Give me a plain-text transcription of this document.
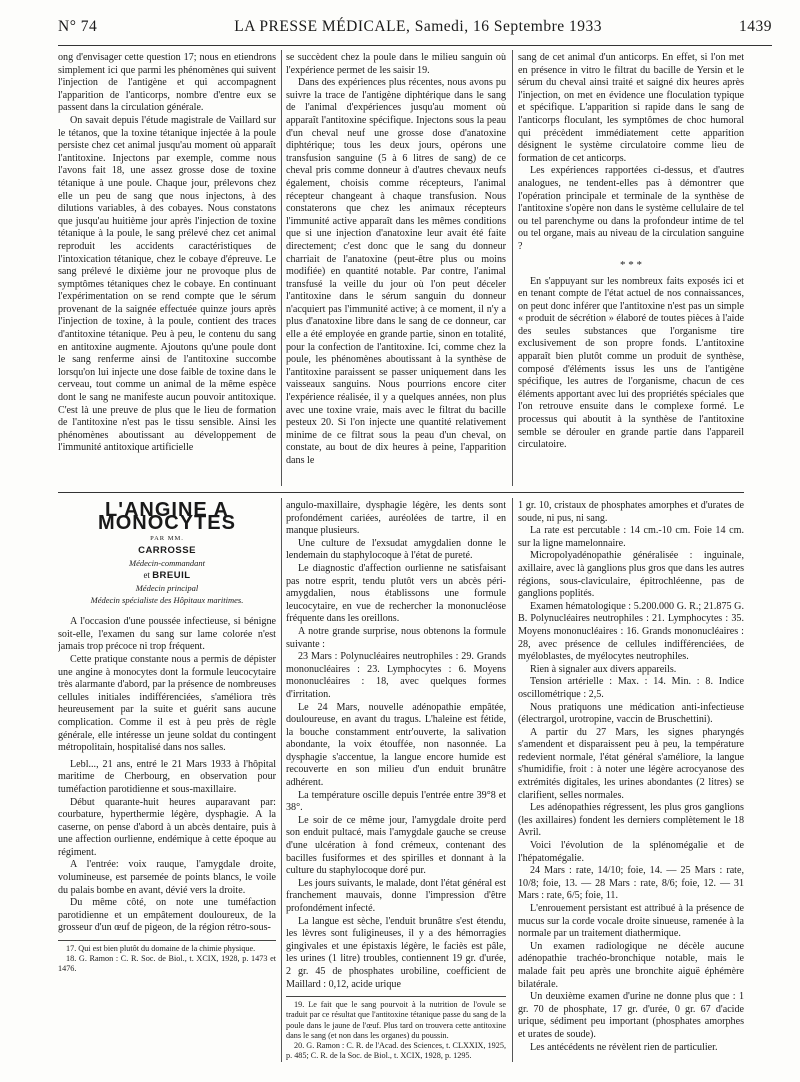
N° 74	LA PRESSE MÉDICALE, Samedi, 16 Septembre 1933	1439

ong d'envisager cette question 17; nous en etiendrons simplement ici que parmi les phénomènes qui suivent l'injection de l'antigène et qui accompagnent l'apparition de l'anticorps, nombre d'entre eux se passent dans la circulation générale.

On savait depuis l'étude magistrale de Vaillard sur le tétanos, que la toxine tétanique injectée à la poule persiste chez cet animal jusqu'au moment où apparaît l'antitoxine. Injectons par exemple, comme nous l'avons fait 18, une assez grosse dose de toxine tétanique à une poule. Chaque jour, prélevons chez elle un peu de sang que nous injectons, à des dilutions variables, à des cobayes. Nous constatons que jusqu'au huitième jour après l'injection de toxine tétanique à la poule, le sang prélevé chez cet animal reproduit les accidents caractéristiques de l'intoxication tétanique, chez le cobaye d'épreuve. Le sang prélevé le dixième jour ne provoque plus de symptômes tétaniques chez le cobaye. En continuant l'expérimentation on se rend compte que le sérum provenant de la saignée effectuée quinze jours après l'injection de toxine, à la poule, contient des traces d'antitoxine tétanique. Peu à peu, le contenu du sang en antitoxine augmente. Ajoutons qu'une poule dont le sang renferme ainsi de l'antitoxine succombe lorsqu'on lui injecte une dose faible de toxine dans le cerveau, tout comme un animal de la même espèce dont le sang ne manifeste aucun pouvoir antitoxique. C'est là une preuve de plus que le lieu de formation de l'antitoxine n'est pas le tissu sensible. Ainsi les phénomènes aboutissant au développement de l'immunité antitoxique artificielle

se succèdent chez la poule dans le milieu sanguin où l'expérience permet de les saisir 19.

Dans des expériences plus récentes, nous avons pu suivre la trace de l'antigène diphtérique dans le sang de l'animal d'expériences jusqu'au moment où apparaît l'antitoxine spécifique. Injectons sous la peau d'un cheval neuf une grosse dose d'anatoxine diphtérique; tous les deux jours, opérons une transfusion sanguine (5 à 6 litres de sang) de ce cheval pris comme donneur à d'autres chevaux neufs également, choisis comme récepteurs, l'animal récepteur changeant à chaque transfusion. Nous constaterons que chez les animaux récepteurs l'immunité active apparaît dans les mêmes conditions que si une injection d'anatoxine leur avait été faite directement; c'est donc que le sang du donneur charriait de l'anatoxine (peut-être plus ou moins modifiée) en quantité notable. Par contre, l'animal transfusé la veille du jour où l'on peut déceler l'antitoxine dans le sérum sanguin du donneur n'acquiert pas l'immunité active; à ce moment, il n'y a plus d'anatoxine libre dans le sang de ce donneur, car elle a été employée en grande partie, sinon en totalité, pour la confection de l'antitoxine. Ici, comme chez la poule, les phénomènes aboutissant à la synthèse de l'antitoxine paraissent se passer uniquement dans les vaisseaux sanguins. Nous pourrions encore citer l'expérience réalisée, il y a quelques années, non plus avec une toxine vraie, mais avec le filtrat du bacille pesteux 20. Si l'on injecte une quantité relativement minime de ce filtrat sous la peau d'un cheval, on constate, au bout de dix heures à peine, l'apparition dans le

sang de cet animal d'un anticorps. En effet, si l'on met en présence in vitro le filtrat du bacille de Yersin et le sérum du cheval ainsi traité et saigné dix heures après l'injection, on met en évidence une floculation typique et spécifique. L'apparition si rapide dans le sang de l'anticorps floculant, les symptômes de choc humoral qui précèdent immédiatement cette apparition désignent le système circulatoire comme lieu de formation de cet anticorps.

Les expériences rapportées ci-dessus, et d'autres analogues, ne tendent-elles pas à démontrer que l'opération principale et terminale de la synthèse de l'antitoxine s'opère non dans le système cellulaire de tel ou tel parenchyme ou dans la profondeur intime de tel ou tel organe, mais au niveau de la circulation sanguine ?

* * *

En s'appuyant sur les nombreux faits exposés ici et en tenant compte de l'état actuel de nos connaissances, on peut donc inférer que l'antitoxine n'est pas un simple « produit de sécrétion » élaboré de toutes pièces à l'aide des seules substances que l'organisme tire exclusivement de son propre fonds. L'antitoxine apparaît bien plutôt comme un produit de synthèse, composé d'éléments issus les uns de l'antigène spécifique, les autres de l'organisme, chacun de ces éléments apportant avec lui des propriétés spéciales que l'on retrouve ensuite dans le complexe formé. Le processus qui aboutit à la synthèse de l'antitoxine semble se dérouler en grande partie dans l'appareil circulatoire.

L'ANGINE A MONOCYTES
PAR MM.
CARROSSE
Médecin-commandant
et BREUIL
Médecin principal
Médecin spécialiste des Hôpitaux maritimes.

A l'occasion d'une poussée infectieuse, si bénigne soit-elle, l'examen du sang sur lame colorée n'est jamais trop précoce ni trop fréquent.

Cette pratique constante nous a permis de dépister une angine à monocytes dont la formule leucocytaire très alarmante d'abord, par la présence de nombreuses cellules initiales indifférenciées, s'améliora très heureusement par la suite et guérit sans aucune complication. Comme il est à peu près de règle générale, elle intéresse un jeune soldat du contingent métropolitain, hospitalisé dans nos salles.

Lebl..., 21 ans, entré le 21 Mars 1933 à l'hôpital maritime de Cherbourg, en observation pour tuméfaction parotidienne et sous-maxillaire.

Début quarante-huit heures auparavant par: courbature, hyperthermie légère, dysphagie. A la caserne, on pense d'abord à un abcès dentaire, puis à une affection ourlienne, endémique à cette époque au régiment.

A l'entrée: voix rauque, l'amygdale droite, volumineuse, est parsemée de points blancs, le voile du palais bombe en avant, dévié vers la droite.

Du même côté, on note une tuméfaction parotidienne et un empâtement douloureux, de la grosseur d'un œuf de pigeon, de la région rétro-sous-

17. Qui est bien plutôt du domaine de la chimie physique.

18. G. Ramon : C. R. Soc. de Biol., t. XCIX, 1928, p. 1473 et 1476.

angulo-maxillaire, dysphagie légère, les dents sont profondément cariées, auréolées de tartre, il en manque plusieurs.

Une culture de l'exsudat amygdalien donne le lendemain du staphylocoque à l'état de pureté.

Le diagnostic d'affection ourlienne ne satisfaisant pas notre esprit, tendu plutôt vers un abcès péri-amygdalien, nous établissons une formule leucocytaire, en vue de rechercher la mononucléose fréquente dans les oreillons.

A notre grande surprise, nous obtenons la formule suivante :

23 Mars : Polynucléaires neutrophiles : 29. Grands mononucléaires : 23. Lymphocytes : 6. Moyens mononucléaires : 18, avec quelques formes d'irritation.

Le 24 Mars, nouvelle adénopathie empâtée, douloureuse, en avant du tragus. L'haleine est fétide, la bouche constamment entr'ouverte, la salivation abondante, la voix étouffée, non nasonnée. La dysphagie s'accentue, la langue encore humide est recouverte en son milieu d'un enduit brunâtre adhérent.

La température oscille depuis l'entrée entre 39°8 et 38°.

Le soir de ce même jour, l'amygdale droite perd son enduit pultacé, mais l'amygdale gauche se creuse d'une ulcération à fond crémeux, contenant des bacilles fusiformes et des spirilles et donnant à la culture du staphylocoque doré pur.

Les jours suivants, le malade, dont l'état général est franchement mauvais, donne l'impression d'être profondément infecté.

La langue est sèche, l'enduit brunâtre s'est étendu, les lèvres sont fuligineuses, il y a des hémorragies gingivales et une épistaxis légère, le faciès est pâle, les urines (1 litre) troubles, contiennent 19 gr. d'urée, 2 gr. 45 de phosphates urobiline, coefficient de Maillard : 0,12, acide urique

19. Le fait que le sang pourvoit à la nutrition de l'ovule se traduit par ce résultat que l'antitoxine tétanique passe du sang de la poule dans le jaune de l'œuf. Plus tard on trouvera cette antitoxine dans le sang (et non dans les organes) du poussin.

20. G. Ramon : C. R. de l'Acad. des Sciences, t. CLXXIX, 1925, p. 485; C. R. de la Soc. de Biol., t. XCIX, 1928, p. 1295.

1 gr. 10, cristaux de phosphates amorphes et d'urates de soude, ni pus, ni sang.

La rate est percutable : 14 cm.-10 cm. Foie 14 cm. sur la ligne mamelonnaire.

Micropolyadénopathie généralisée : inguinale, axillaire, avec là ganglions plus gros que dans les autres régions, sous-claviculaire, épitrochléenne, pas de ganglions poplités.

Examen hématologique : 5.200.000 G. R.; 21.875 G. B. Polynucléaires neutrophiles : 21. Lymphocytes : 35. Moyens mononucléaires : 16. Grands mononucléaires : 28, avec présence de cellules indifférenciées, de myéloblastes, de myélocytes neutrophiles.

Rien à signaler aux divers appareils.

Tension artérielle : Max. : 14. Min. : 8. Indice oscillométrique : 2,5.

Nous pratiquons une médication anti-infectieuse (électrargol, urotropine, vaccin de Bruschettini).

A partir du 27 Mars, les signes pharyngés s'amendent et disparaissent peu à peu, la température redevient normale, l'état général s'améliore, la langue s'humidifie, froit : à noter une légère acrocyanose des extrémités digitales, les urines abondantes (2 litres) se clarifient, selles normales.

Les adénopathies régressent, les plus gros ganglions (les axillaires) fondent les derniers complètement le 18 Avril.

Voici l'évolution de la splénomégalie et de l'hépatomégalie.

24 Mars : rate, 14/10; foie, 14. — 25 Mars : rate, 10/8; foie, 13. — 28 Mars : rate, 8/6; foie, 12. — 31 Mars : rate, 6/5; foie, 11.

L'enrouement persistant est attribué à la présence de mucus sur la corde vocale droite sinueuse, ramenée à la normale par un traitement diathermique.

Un examen radiologique ne décèle aucune adénopathie trachéo-bronchique notable, mais le malade fait peu après une bronchite aiguë éphémère bilatérale.

Un deuxième examen d'urine ne donne plus que : 1 gr. 70 de phosphate, 17 gr. d'urée, 0 gr. 67 d'acide urique, sédiment peu important (phosphates amorphes et urates de soude).

Les antécédents ne révèlent rien de particulier.
